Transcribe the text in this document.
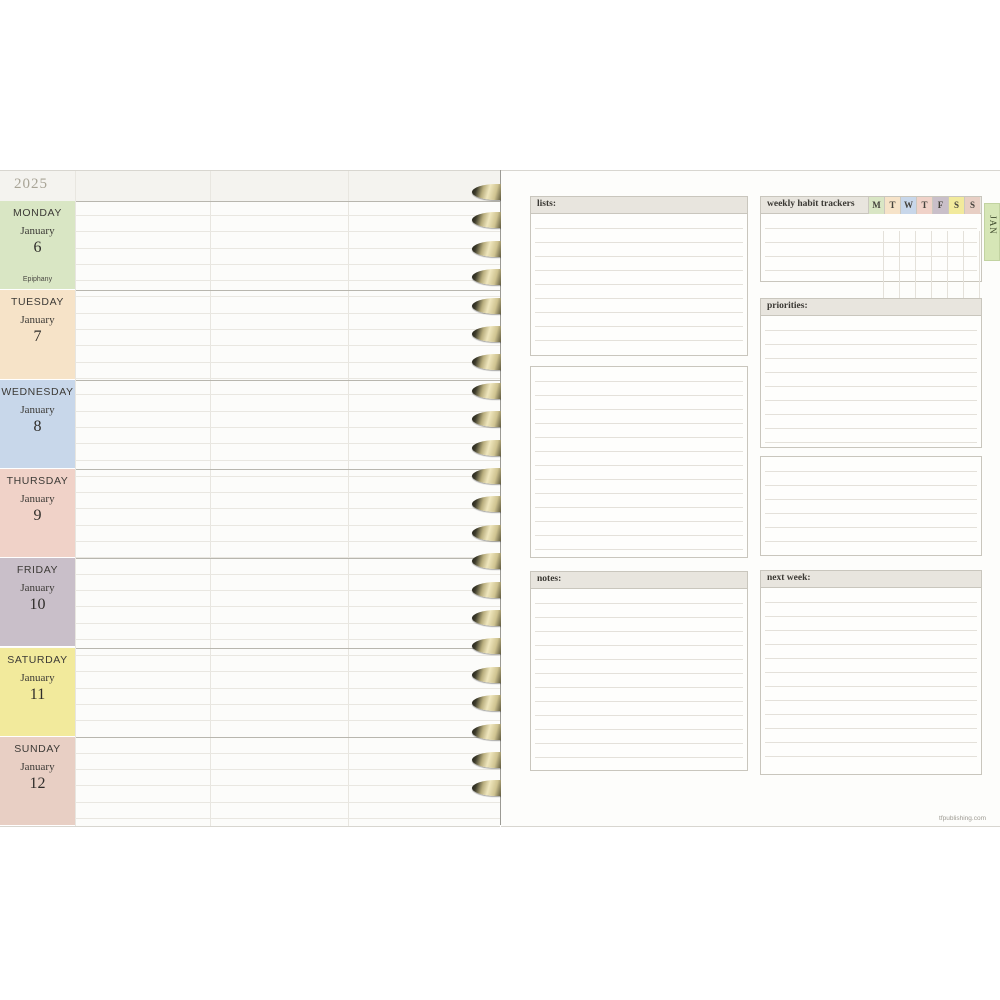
2025
MONDAY
January
6
Epiphany
TUESDAY
January
7
WEDNESDAY
January
8
THURSDAY
January
9
FRIDAY
January
10
SATURDAY
January
11
SUNDAY
January
12
lists:
notes:
weekly habit trackers	M T W T	F	S	S
priorities:
next week:
JAN
tfpublishing.com
